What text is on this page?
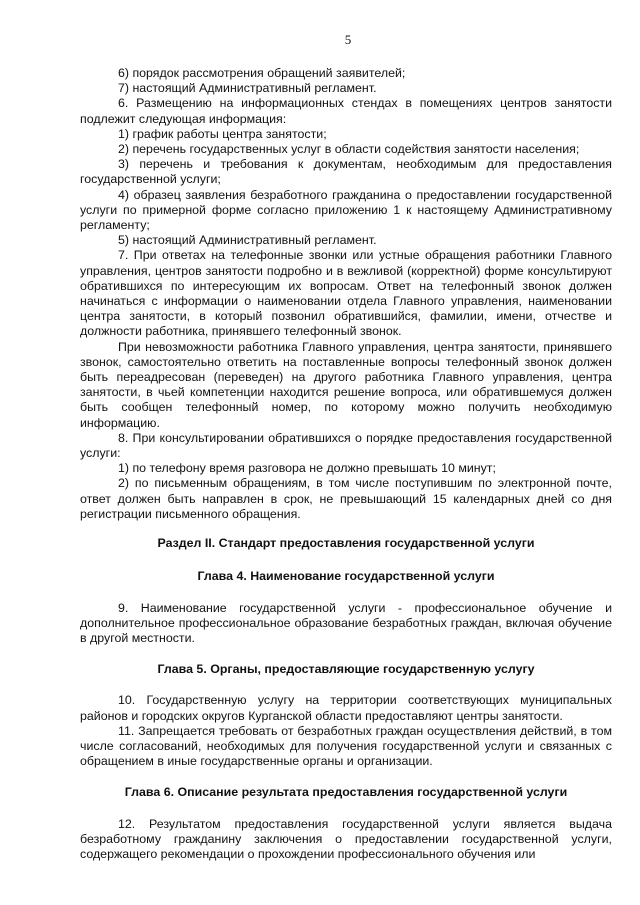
5

6) порядок рассмотрения обращений заявителей;

7) настоящий Административный регламент.

6. Размещению на информационных стендах в помещениях центров занятости подлежит следующая информация:

1) график работы центра занятости;

2) перечень государственных услуг в области содействия занятости населения;

3) перечень и требования к документам, необходимым для предоставления государственной услуги;

4) образец заявления безработного гражданина о предоставлении государственной услуги по примерной форме согласно приложению 1 к настоящему Административному регламенту;

5) настоящий Административный регламент.

7. При ответах на телефонные звонки или устные обращения работники Главного управления, центров занятости подробно и в вежливой (корректной) форме консультируют обратившихся по интересующим их вопросам. Ответ на телефонный звонок должен начинаться с информации о наименовании отдела Главного управления, наименовании центра занятости, в который позвонил обратившийся, фамилии, имени, отчестве и должности работника, принявшего телефонный звонок.

При невозможности работника Главного управления, центра занятости, принявшего звонок, самостоятельно ответить на поставленные вопросы телефонный звонок должен быть переадресован (переведен) на другого работника Главного управления, центра занятости, в чьей компетенции находится решение вопроса, или обратившемуся должен быть сообщен телефонный номер, по которому можно получить необходимую информацию.

8. При консультировании обратившихся о порядке предоставления государственной услуги:

1) по телефону время разговора не должно превышать 10 минут;

2) по письменным обращениям, в том числе поступившим по электронной почте, ответ должен быть направлен в срок, не превышающий 15 календарных дней со дня регистрации письменного обращения.

Раздел II. Стандарт предоставления государственной услуги
Глава 4. Наименование государственной услуги

9. Наименование государственной услуги - профессиональное обучение и дополнительное профессиональное образование безработных граждан, включая обучение в другой местности.

Глава 5. Органы, предоставляющие государственную услугу

10. Государственную услугу на территории соответствующих муниципальных районов и городских округов Курганской области предоставляют центры занятости.

11. Запрещается требовать от безработных граждан осуществления действий, в том числе согласований, необходимых для получения государственной услуги и связанных с обращением в иные государственные органы и организации.

Глава 6. Описание результата предоставления государственной услуги

12. Результатом предоставления государственной услуги является выдача безработному гражданину заключения о предоставлении государственной услуги, содержащего рекомендации о прохождении профессионального обучения или
